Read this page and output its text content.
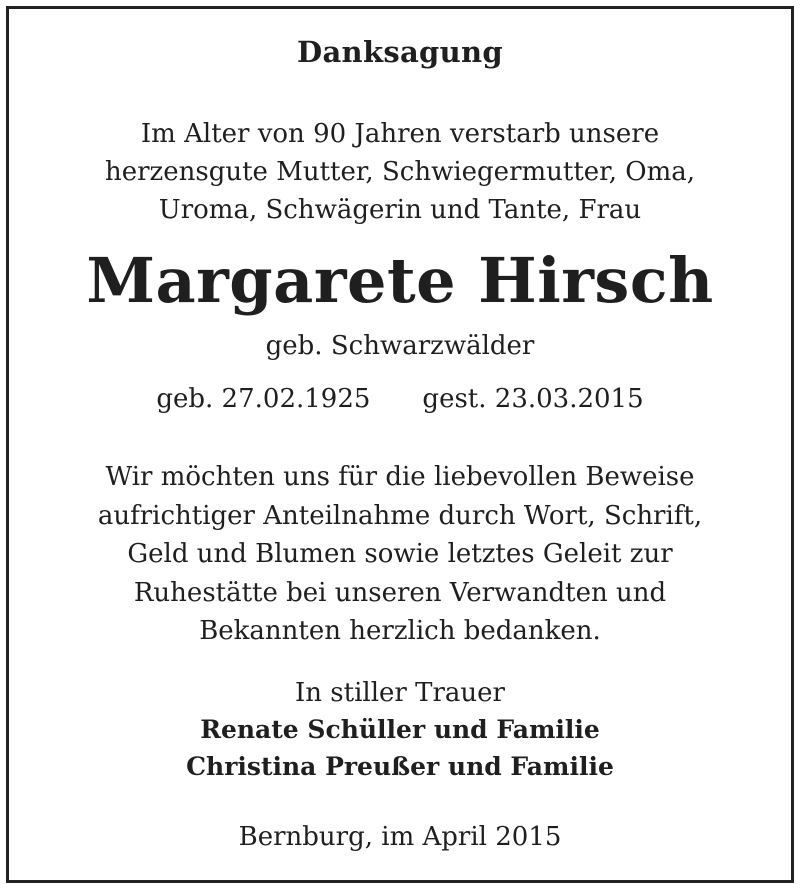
Danksagung
Im Alter von 90 Jahren verstarb unsere
herzensgute Mutter, Schwiegermutter, Oma,
Uroma, Schwägerin und Tante, Frau
Margarete Hirsch
geb. Schwarzwälder
geb. 27.02.1925 gest. 23.03.2015
Wir möchten uns für die liebevollen Beweise
aufrichtiger Anteilnahme durch Wort, Schrift,
Geld und Blumen sowie letztes Geleit zur
Ruhestätte bei unseren Verwandten und
Bekannten herzlich bedanken.
In stiller Trauer
Renate Schüller und Familie
Christina Preußer und Familie
Bernburg, im April 2015
